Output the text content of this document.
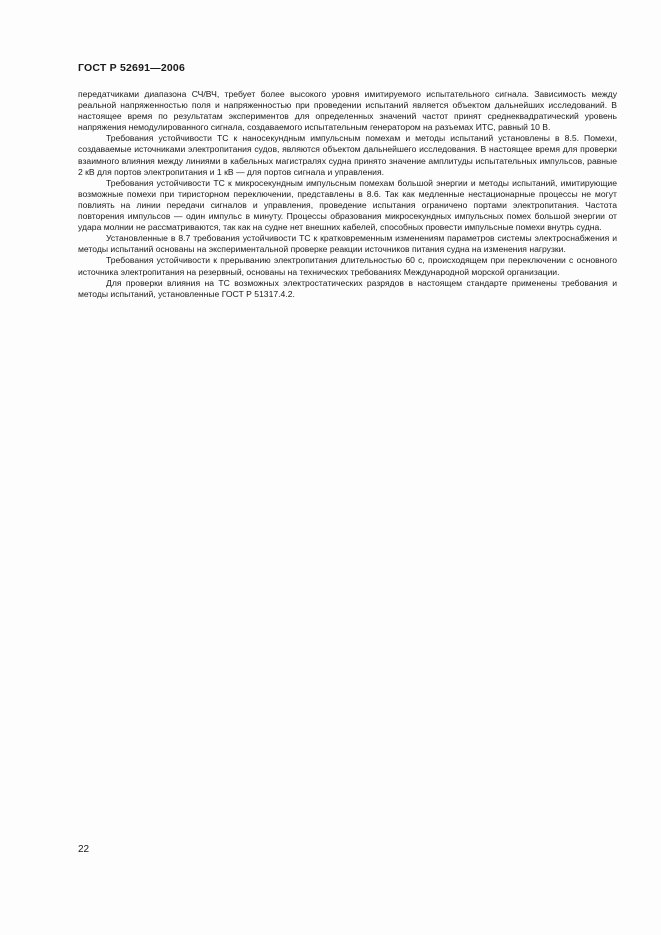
ГОСТ Р 52691—2006

передатчиками диапазона СЧ/ВЧ, требует более высокого уровня имитируемого испытательного сигнала. Зависимость между реальной напряженностью поля и напряженностью при проведении испытаний является объектом дальнейших исследований. В настоящее время по результатам экспериментов для определенных значений частот принят среднеквадратический уровень напряжения немодулированного сигнала, создаваемого испытательным генератором на разъемах ИТС, равный 10 В.

Требования устойчивости ТС к наносекундным импульсным помехам и методы испытаний установлены в 8.5. Помехи, создаваемые источниками электропитания судов, являются объектом дальнейшего исследования. В настоящее время для проверки взаимного влияния между линиями в кабельных магистралях судна принято значение амплитуды испытательных импульсов, равные 2 кВ для портов электропитания и 1 кВ — для портов сигнала и управления.

Требования устойчивости ТС к микросекундным импульсным помехам большой энергии и методы испытаний, имитирующие возможные помехи при тиристорном переключении, представлены в 8.6. Так как медленные нестационарные процессы не могут повлиять на линии передачи сигналов и управления, проведение испытания ограничено портами электропитания. Частота повторения импульсов — один импульс в минуту. Процессы образования микросекундных импульсных помех большой энергии от удара молнии не рассматриваются, так как на судне нет внешних кабелей, способных провести импульсные помехи внутрь судна.

Установленные в 8.7 требования устойчивости ТС к кратковременным изменениям параметров системы электроснабжения и методы испытаний основаны на экспериментальной проверке реакции источников питания судна на изменения нагрузки.

Требования устойчивости к прерыванию электропитания длительностью 60 с, происходящем при переключении с основного источника электропитания на резервный, основаны на технических требованиях Международной морской организации.

Для проверки влияния на ТС возможных электростатических разрядов в настоящем стандарте применены требования и методы испытаний, установленные ГОСТ Р 51317.4.2.

22
